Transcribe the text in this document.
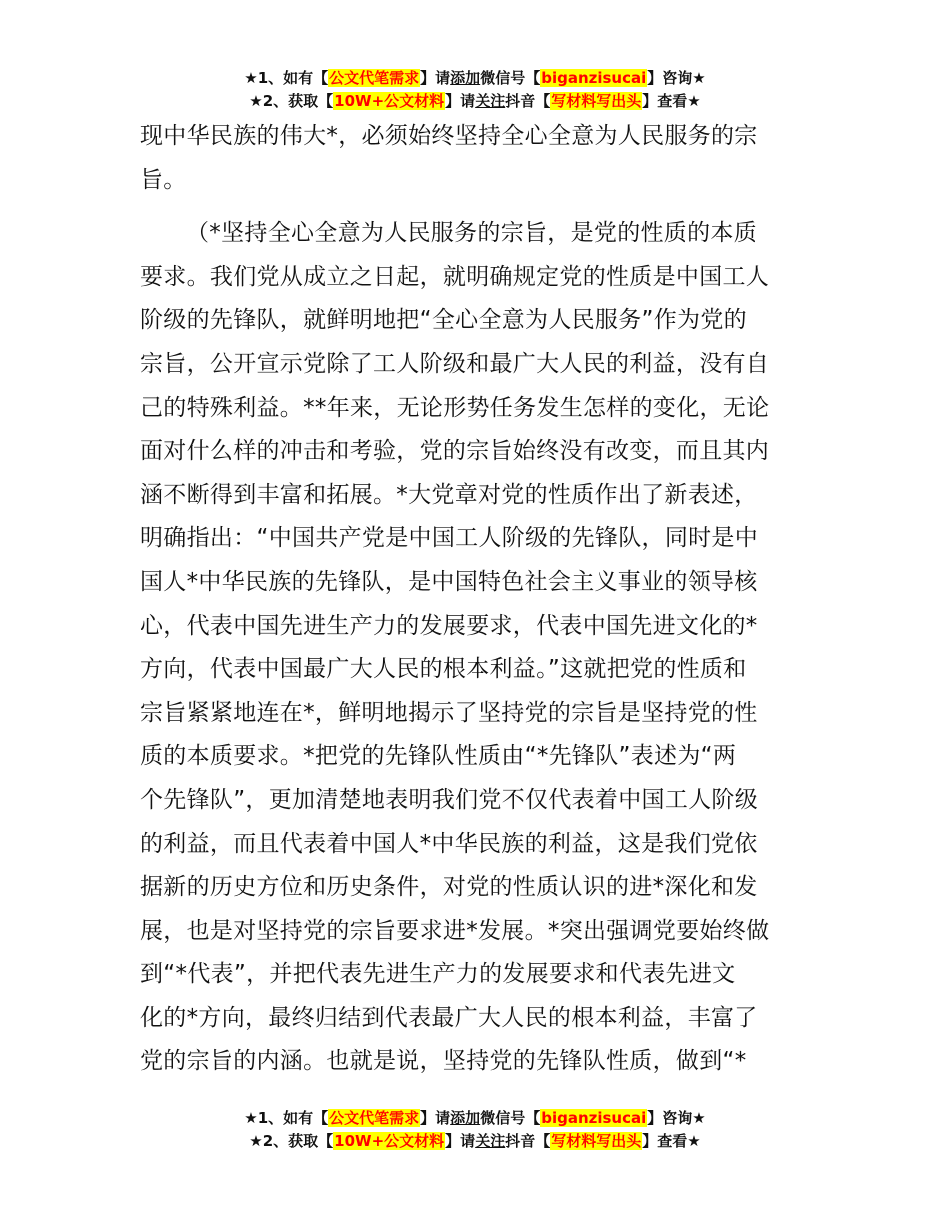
★1、如有【公文代笔需求】请添加微信号【biganzisucai】咨询★
★2、获取【10W+公文材料】请关注抖音【写材料写出头】查看★

现中华民族的伟大*，必须始终坚持全心全意为人民服务的宗
旨。

（*坚持全心全意为人民服务的宗旨，是党的性质的本质
要求。我们党从成立之日起，就明确规定党的性质是中国工人
阶级的先锋队，就鲜明地把“全心全意为人民服务”作为党的
宗旨，公开宣示党除了工人阶级和最广大人民的利益，没有自
己的特殊利益。**年来，无论形势任务发生怎样的变化，无论
面对什么样的冲击和考验，党的宗旨始终没有改变，而且其内
涵不断得到丰富和拓展。*大党章对党的性质作出了新表述，
明确指出：“中国共产党是中国工人阶级的先锋队，同时是中
国人*中华民族的先锋队，是中国特色社会主义事业的领导核
心，代表中国先进生产力的发展要求，代表中国先进文化的*
方向，代表中国最广大人民的根本利益。”这就把党的性质和
宗旨紧紧地连在*，鲜明地揭示了坚持党的宗旨是坚持党的性
质的本质要求。*把党的先锋队性质由“*先锋队”表述为“两
个先锋队”，更加清楚地表明我们党不仅代表着中国工人阶级
的利益，而且代表着中国人*中华民族的利益，这是我们党依
据新的历史方位和历史条件，对党的性质认识的进*深化和发
展，也是对坚持党的宗旨要求进*发展。*突出强调党要始终做
到“*代表”，并把代表先进生产力的发展要求和代表先进文
化的*方向，最终归结到代表最广大人民的根本利益，丰富了
党的宗旨的内涵。也就是说，坚持党的先锋队性质，做到“*

★1、如有【公文代笔需求】请添加微信号【biganzisucai】咨询★
★2、获取【10W+公文材料】请关注抖音【写材料写出头】查看★
